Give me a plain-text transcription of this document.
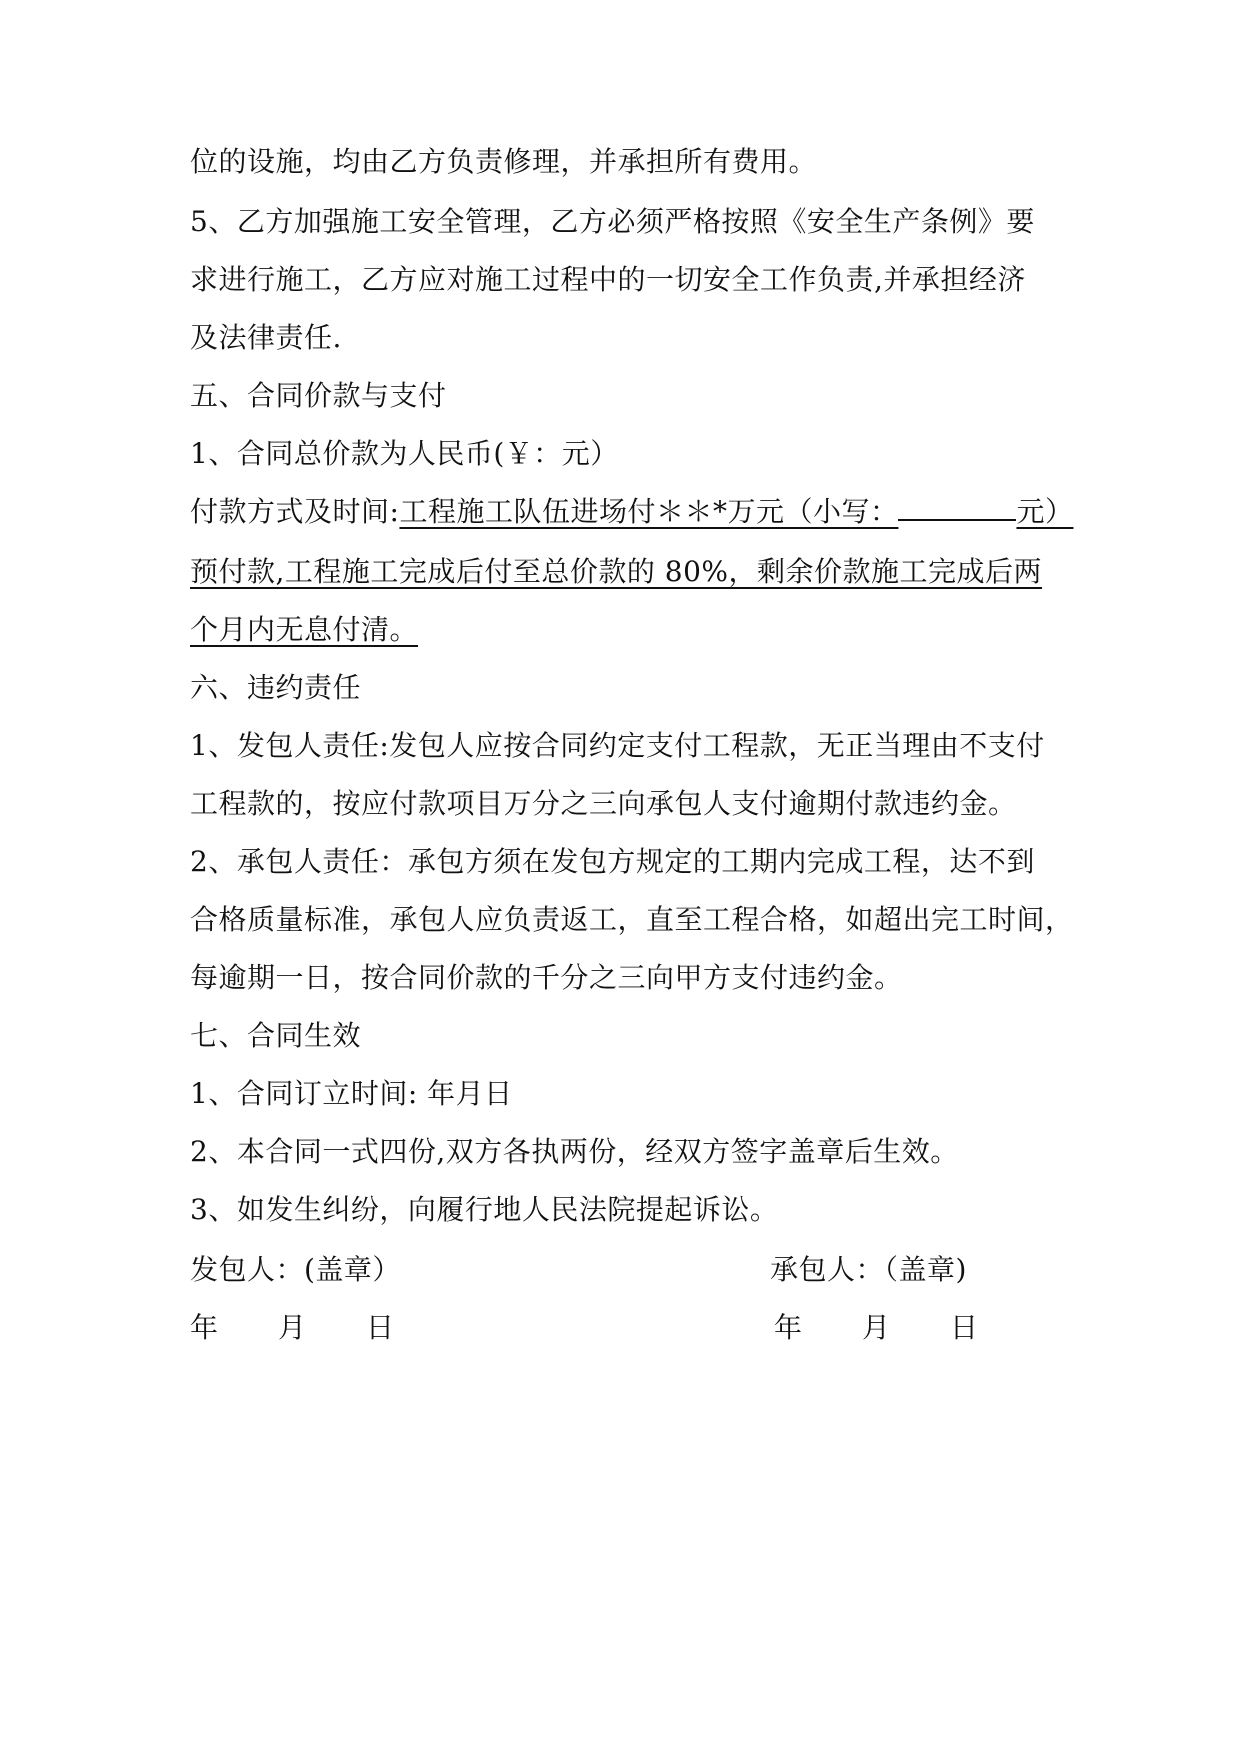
位的设施，均由乙方负责修理，并承担所有费用。
5、乙方加强施工安全管理，乙方必须严格按照《安全生产条例》要
求进行施工，乙方应对施工过程中的一切安全工作负责,并承担经济
及法律责任.
五、合同价款与支付
1、合同总价款为人民币(￥：元）
付款方式及时间:工程施工队伍进场付＊＊*万元（小写：	元）
预付款,工程施工完成后付至总价款的 80%，剩余价款施工完成后两
个月内无息付清。
六、违约责任
1、发包人责任:发包人应按合同约定支付工程款，无正当理由不支付
工程款的，按应付款项目万分之三向承包人支付逾期付款违约金。
2、承包人责任：承包方须在发包方规定的工期内完成工程，达不到
合格质量标准，承包人应负责返工，直至工程合格，如超出完工时间，
每逾期一日，按合同价款的千分之三向甲方支付违约金。
七、合同生效
1、合同订立时间: 年月日
2、本合同一式四份,双方各执两份，经双方签字盖章后生效。
3、如发生纠纷，向履行地人民法院提起诉讼。
发包人：(盖章）	承包人：（盖章)
年 月 日	年 月 日
